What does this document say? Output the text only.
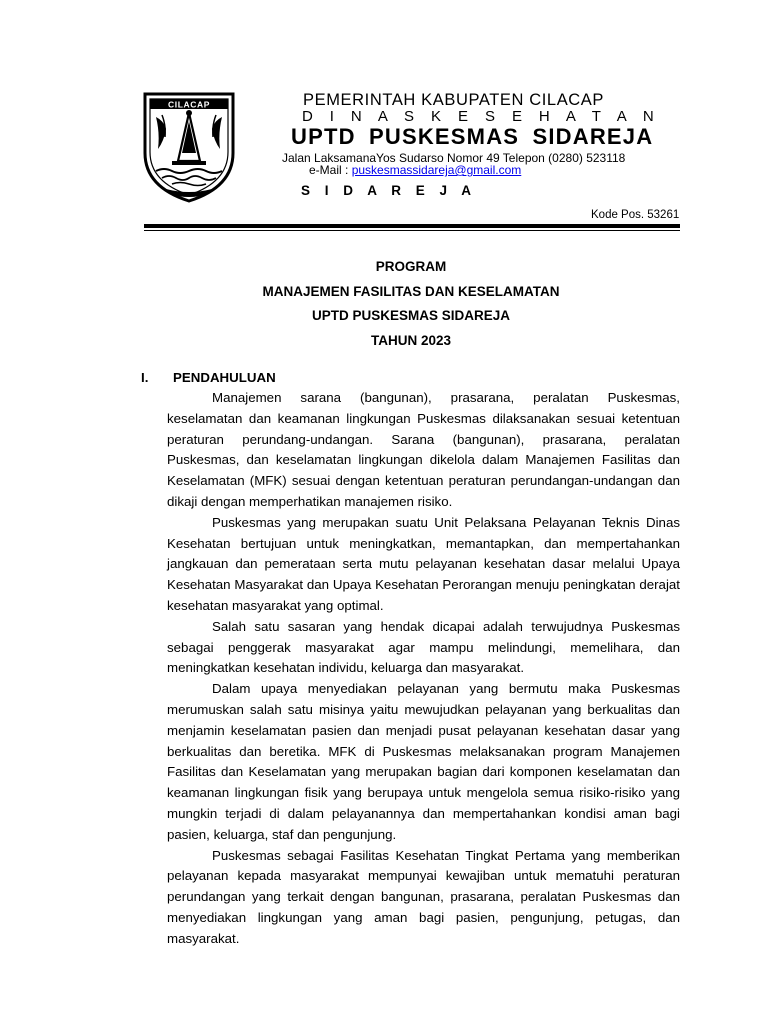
CILACAP	PEMERINTAH KABUPATEN CILACAP
D I N A S K E S E H A T A N
UPTD PUSKESMAS SIDAREJA
Jalan LaksamanaYos Sudarso Nomor 49 Telepon (0280) 523118
e-Mail : puskesmassidareja@gmail.com
S I D A R E J A
Kode Pos. 53261
PROGRAM
MANAJEMEN FASILITAS DAN KESELAMATAN
UPTD PUSKESMAS SIDAREJA
TAHUN 2023
I. PENDAHULUAN

Manajemen sarana (bangunan), prasarana, peralatan Puskesmas, keselamatan dan keamanan lingkungan Puskesmas dilaksanakan sesuai ketentuan peraturan perundang-undangan. Sarana (bangunan), prasarana, peralatan Puskesmas, dan keselamatan lingkungan dikelola dalam Manajemen Fasilitas dan Keselamatan (MFK) sesuai dengan ketentuan peraturan perundangan-undangan dan dikaji dengan memperhatikan manajemen risiko.

Puskesmas yang merupakan suatu Unit Pelaksana Pelayanan Teknis Dinas Kesehatan bertujuan untuk meningkatkan, memantapkan, dan mempertahankan jangkauan dan pemerataan serta mutu pelayanan kesehatan dasar melalui Upaya Kesehatan Masyarakat dan Upaya Kesehatan Perorangan menuju peningkatan derajat kesehatan masyarakat yang optimal.

Salah satu sasaran yang hendak dicapai adalah terwujudnya Puskesmas sebagai penggerak masyarakat agar mampu melindungi, memelihara, dan meningkatkan kesehatan individu, keluarga dan masyarakat.

Dalam upaya menyediakan pelayanan yang bermutu maka Puskesmas merumuskan salah satu misinya yaitu mewujudkan pelayanan yang berkualitas dan menjamin keselamatan pasien dan menjadi pusat pelayanan kesehatan dasar yang berkualitas dan beretika. MFK di Puskesmas melaksanakan program Manajemen Fasilitas dan Keselamatan yang merupakan bagian dari komponen keselamatan dan keamanan lingkungan fisik yang berupaya untuk mengelola semua risiko-risiko yang mungkin terjadi di dalam pelayanannya dan mempertahankan kondisi aman bagi pasien, keluarga, staf dan pengunjung.

Puskesmas sebagai Fasilitas Kesehatan Tingkat Pertama yang memberikan pelayanan kepada masyarakat mempunyai kewajiban untuk mematuhi peraturan perundangan yang terkait dengan bangunan, prasarana, peralatan Puskesmas dan menyediakan lingkungan yang aman bagi pasien, pengunjung, petugas, dan masyarakat.
